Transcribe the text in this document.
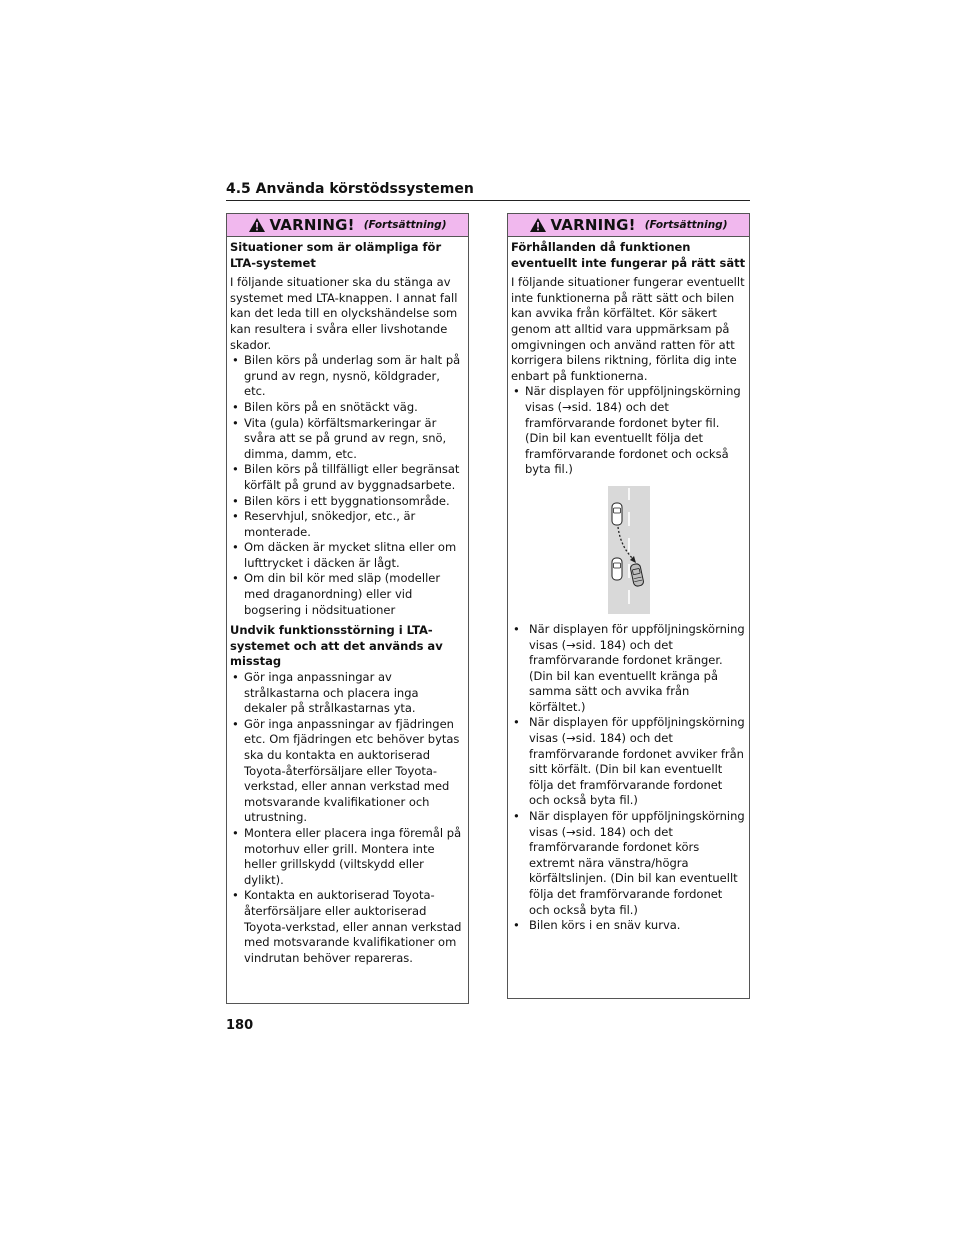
4.5 Använda körstödssystemen
VARNING! (Fortsättning)
Situationer som är olämpliga för LTA-systemet
I följande situationer ska du stänga av systemet med LTA-knappen. I annat fall kan det leda till en olyckshändelse som kan resultera i svåra eller livshotande skador.
• Bilen körs på underlag som är halt på grund av regn, nysnö, köldgrader, etc.
• Bilen körs på en snötäckt väg.
• Vita (gula) körfältsmarkeringar är svåra att se på grund av regn, snö, dimma, damm, etc.
• Bilen körs på tillfälligt eller begränsat körfält på grund av byggnadsarbete.
• Bilen körs i ett byggnationsområde.
• Reservhjul, snökedjor, etc., är monterade.
• Om däcken är mycket slitna eller om lufttrycket i däcken är lågt.
• Om din bil kör med släp (modeller med draganordning) eller vid bogsering i nödsituationer
Undvik funktionsstörning i LTA-systemet och att det används av misstag
• Gör inga anpassningar av strålkastarna och placera inga dekaler på strålkastarnas yta.
• Gör inga anpassningar av fjädringen etc. Om fjädringen etc behöver bytas ska du kontakta en auktoriserad Toyota-återförsäljare eller Toyota-verkstad, eller annan verkstad med motsvarande kvalifikationer och utrustning.
• Montera eller placera inga föremål på motorhuv eller grill. Montera inte heller grillskydd (viltskydd eller dylikt).
• Kontakta en auktoriserad Toyota-återförsäljare eller auktoriserad Toyota-verkstad, eller annan verkstad med motsvarande kvalifikationer om vindrutan behöver repareras.
VARNING! (Fortsättning)
Förhållanden då funktionen eventuellt inte fungerar på rätt sätt
I följande situationer fungerar eventuellt inte funktionerna på rätt sätt och bilen kan avvika från körfältet. Kör säkert genom att alltid vara uppmärksam på omgivningen och använd ratten för att korrigera bilens riktning, förlita dig inte enbart på funktionerna.
• När displayen för uppföljningskörning visas (→sid. 184) och det framförvarande fordonet byter fil. (Din bil kan eventuellt följa det framförvarande fordonet och också byta fil.)
• När displayen för uppföljningskörning visas (→sid. 184) och det framförvarande fordonet kränger. (Din bil kan eventuellt kränga på samma sätt och avvika från körfältet.)
• När displayen för uppföljningskörning visas (→sid. 184) och det framförvarande fordonet avviker från sitt körfält. (Din bil kan eventuellt följa det framförvarande fordonet och också byta fil.)
• När displayen för uppföljningskörning visas (→sid. 184) och det framförvarande fordonet körs extremt nära vänstra/högra körfältslinjen. (Din bil kan eventuellt följa det framförvarande fordonet och också byta fil.)
• Bilen körs i en snäv kurva.
180
